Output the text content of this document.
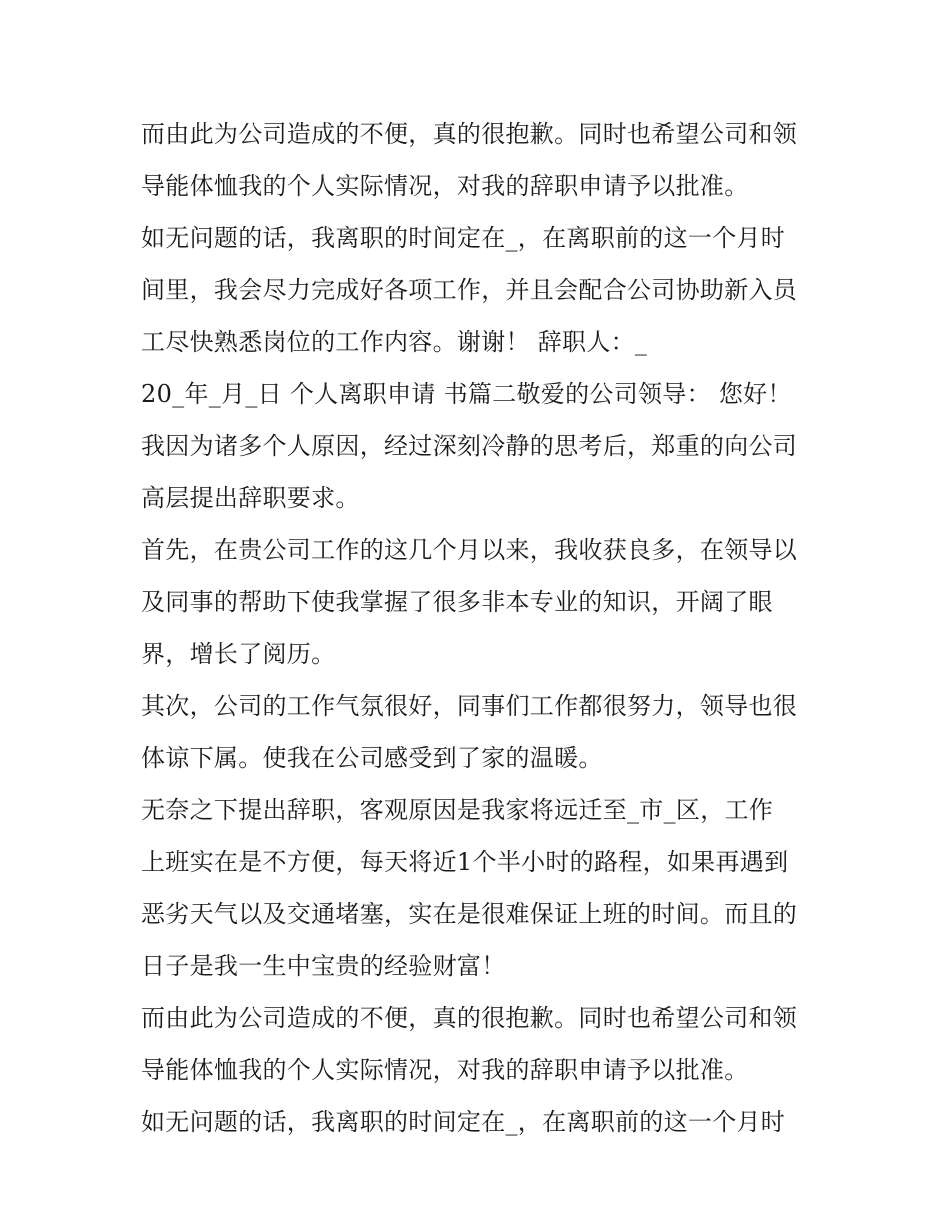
而由此为公司造成的不便，真的很抱歉。同时也希望公司和领
导能体恤我的个人实际情况，对我的辞职申请予以批准。
如无问题的话，我离职的时间定在_，在离职前的这一个月时
间里，我会尽力完成好各项工作，并且会配合公司协助新入员
工尽快熟悉岗位的工作内容。谢谢！ 辞职人：_
20_年_月_日 个人离职申请 书篇二敬爱的公司领导： 您好！
我因为诸多个人原因，经过深刻冷静的思考后，郑重的向公司
高层提出辞职要求。
首先，在贵公司工作的这几个月以来，我收获良多，在领导以
及同事的帮助下使我掌握了很多非本专业的知识，开阔了眼
界，增长了阅历。
其次，公司的工作气氛很好，同事们工作都很努力，领导也很
体谅下属。使我在公司感受到了家的温暖。
无奈之下提出辞职，客观原因是我家将远迁至_市_区，工作
上班实在是不方便，每天将近1个半小时的路程，如果再遇到
恶劣天气以及交通堵塞，实在是很难保证上班的时间。而且的
日子是我一生中宝贵的经验财富！
而由此为公司造成的不便，真的很抱歉。同时也希望公司和领
导能体恤我的个人实际情况，对我的辞职申请予以批准。
如无问题的话，我离职的时间定在_，在离职前的这一个月时
